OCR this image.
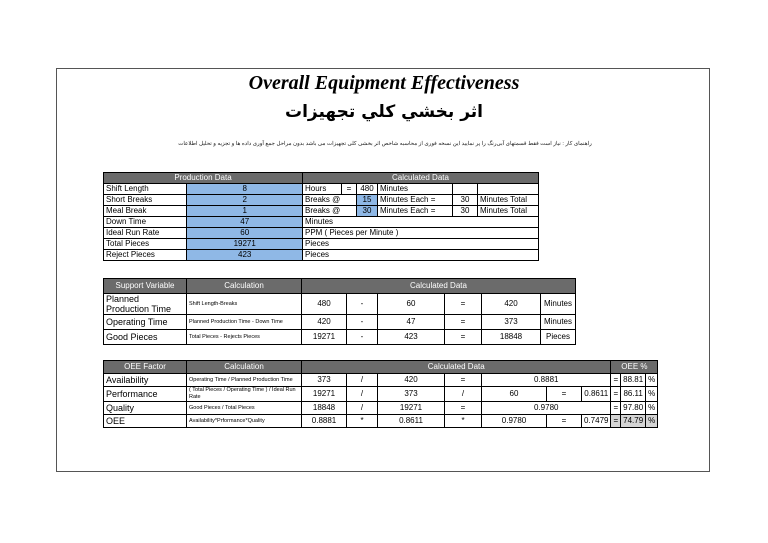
Overall Equipment Effectiveness
اثر بخشي كلي تجهيزات
راهنمای کار : نیاز است فقط قسمتهای آبی‌رنگ را پر نمایید این نسخه فوری از محاسبه شاخص اثر بخشی کلی تجهیزات می باشد بدون مراحل جمع آوری داده ها و تجزیه و تحلیل اطلاعات
Production Data		Calculated Data					
Shift Length	8	Hours	=	480	Minutes		
Short Breaks	2	Breaks @		15	Minutes Each =	30	Minutes Total
Meal Break	1	Breaks @		30	Minutes Each =	30	Minutes Total
Down Time	47	Minutes					
Ideal Run Rate	60	PPM ( Pieces per Minute )					
Total Pieces	19271	Pieces					
Reject Pieces	423	Pieces					
Support Variable	Calculation	Calculated Data					
Planned Production Time	Shift Length-Breaks	480	-	60	=	420	Minutes
Operating Time	Planned Production Time - Down Time	420	-	47	=	373	Minutes
Good Pieces	Total Pieces - Rejects Pieces	19271	-	423	=	18848	Pieces
OEE Factor	Calculation	Calculated Data							OEE %		
Availability	Operating Time / Planned Production Time	373	/	420	=	0.8881			=	88.81	%
Performance	( Total Pieces / Operating Time ) / Ideal Run Rate	19271	/	373	/	60	=	0.8611	=	86.11	%
Quality	Good Pieces / Total Pieces	18848	/	19271	=	0.9780			=	97.80	%
OEE	Availability*Prformance*Quality	0.8881	*	0.8611	*	0.9780	=	0.7479	=	74.79	%
